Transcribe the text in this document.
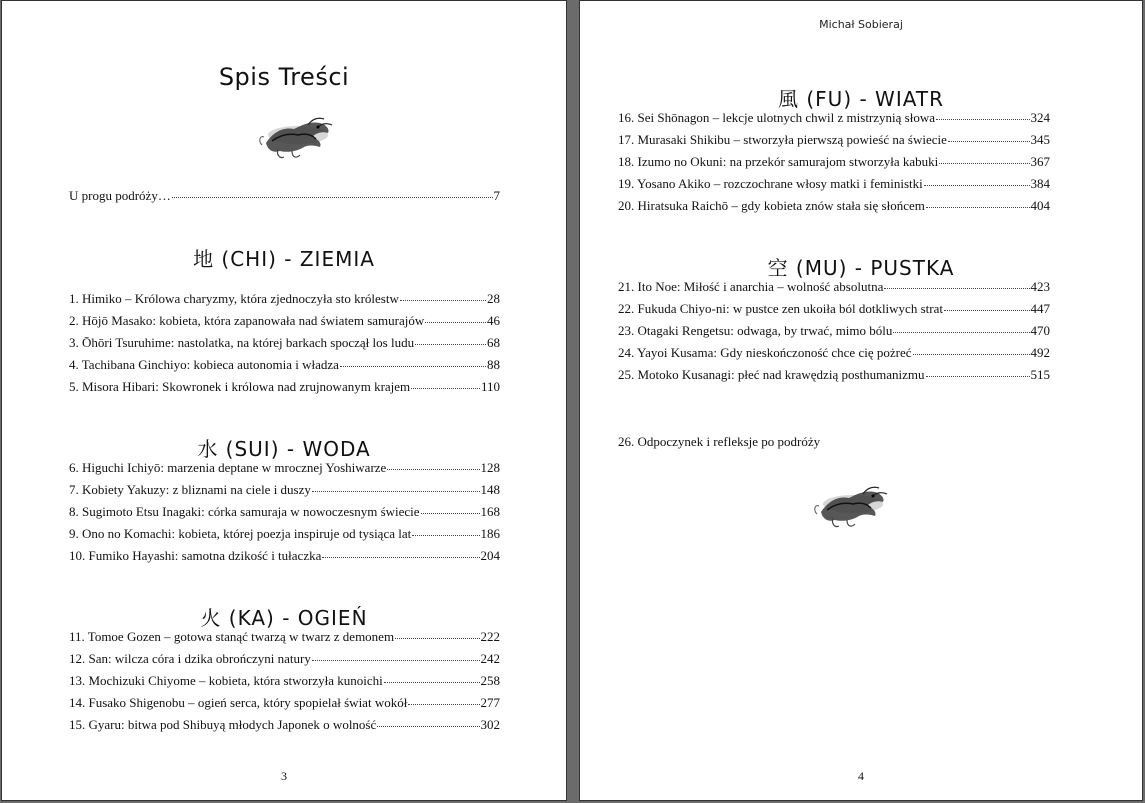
Spis Treści
U progu podróży…	7
地 (CHI) - ZIEMIA
1. Himiko – Królowa charyzmy, która zjednoczyła sto królestw	28
2. Hōjō Masako: kobieta, która zapanowała nad światem samurajów	46
3. Ōhōri Tsuruhime: nastolatka, na której barkach spoczął los ludu	68
4. Tachibana Ginchiyo: kobieca autonomia i władza	88
5. Misora Hibari: Skowronek i królowa nad zrujnowanym krajem	110
水 (SUI) - WODA
6. Higuchi Ichiyō: marzenia deptane w mrocznej Yoshiwarze	128
7. Kobiety Yakuzy: z bliznami na ciele i duszy	148
8. Sugimoto Etsu Inagaki: córka samuraja w nowoczesnym świecie	168
9. Ono no Komachi: kobieta, której poezja inspiruje od tysiąca lat	186
10. Fumiko Hayashi: samotna dzikość i tułaczka	204
火 (KA) - OGIEŃ
11. Tomoe Gozen – gotowa stanąć twarzą w twarz z demonem	222
12. San: wilcza córa i dzika obrończyni natury	242
13. Mochizuki Chiyome – kobieta, która stworzyła kunoichi	258
14. Fusako Shigenobu – ogień serca, który spopielał świat wokół	277
15. Gyaru: bitwa pod Shibuyą młodych Japonek o wolność	302
3
Michał Sobieraj
風 (FU) - WIATR
16. Sei Shōnagon – lekcje ulotnych chwil z mistrzynią słowa	324
17. Murasaki Shikibu – stworzyła pierwszą powieść na świecie	345
18. Izumo no Okuni: na przekór samurajom stworzyła kabuki	367
19. Yosano Akiko – rozczochrane włosy matki i feministki	384
20. Hiratsuka Raichō – gdy kobieta znów stała się słońcem	404
空 (MU) - PUSTKA
21. Ito Noe: Miłość i anarchia – wolność absolutna	423
22. Fukuda Chiyo-ni: w pustce zen ukoiła ból dotkliwych strat	447
23. Otagaki Rengetsu: odwaga, by trwać, mimo bólu	470
24. Yayoi Kusama: Gdy nieskończoność chce cię pożreć	492
25. Motoko Kusanagi: płeć nad krawędzią posthumanizmu	515
26. Odpoczynek i refleksje po podróży
4
